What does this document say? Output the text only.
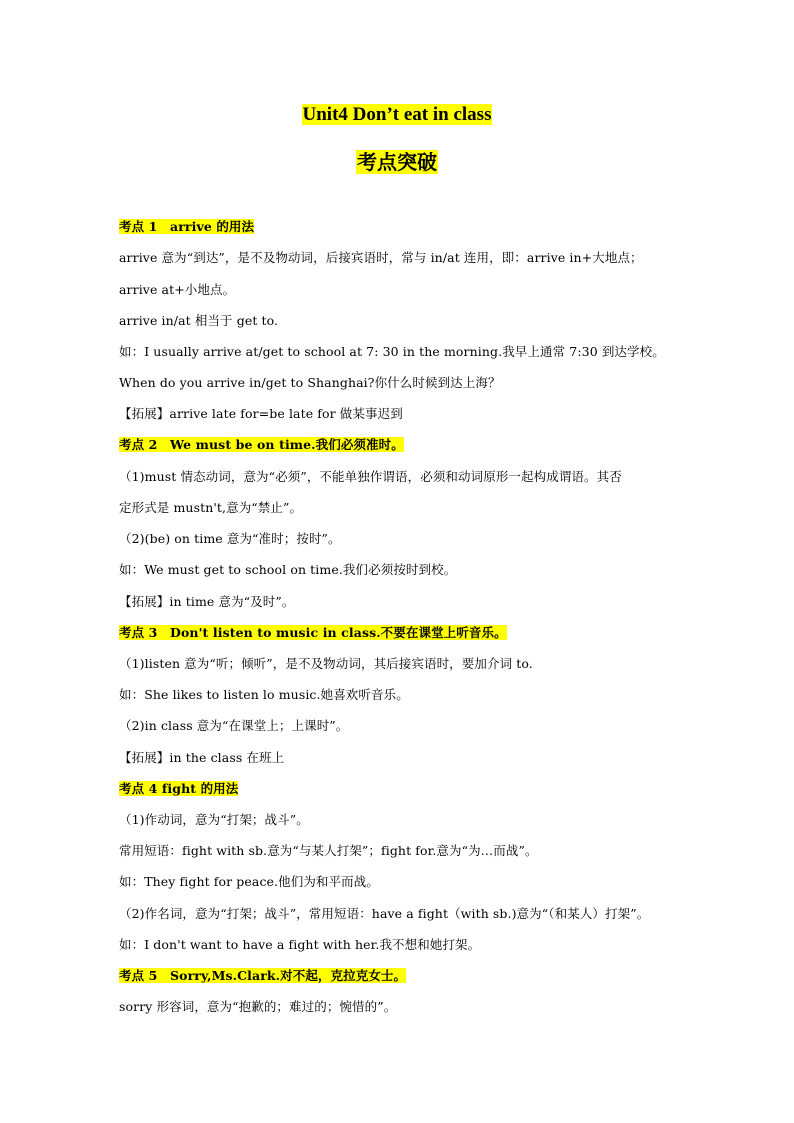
Unit4 Don’t eat in class
考点突破
考点 1　arrive 的用法
arrive 意为“到达”，是不及物动词，后接宾语时，常与 in/at 连用，即：arrive in+大地点；
arrive at+小地点。
arrive in/at 相当于 get to.
如：I usually arrive at/get to school at 7: 30 in the morning.我早上通常 7:30 到达学校。
When do you arrive in/get to Shanghai?你什么时候到达上海？
【拓展】arrive late for=be late for 做某事迟到
考点 2　We must be on time.我们必须准时。
（1)must 情态动词，意为“必须”，不能单独作谓语，必须和动词原形一起构成谓语。其否
定形式是 mustn't,意为“禁止”。
（2)(be) on time 意为“准时；按时”。
如：We must get to school on time.我们必须按时到校。
【拓展】in time 意为“及时”。
考点 3　Don't listen to music in class.不要在课堂上听音乐。
（1)listen 意为“听；倾听”，是不及物动词，其后接宾语时，要加介词 to.
如：She likes to listen lo music.她喜欢听音乐。
（2)in class 意为“在课堂上；上课时”。
【拓展】in the class 在班上
考点 4 fight 的用法
（1)作动词，意为“打架；战斗”。
常用短语：fight with sb.意为“与某人打架”；fight for.意为“为…而战”。
如：They fight for peace.他们为和平而战。
（2)作名词，意为“打架；战斗”，常用短语：have a fight（with sb.)意为“（和某人）打架”。
如：I don't want to have a fight with her.我不想和她打架。
考点 5　Sorry,Ms.Clark.对不起，克拉克女士。
sorry 形容词，意为“抱歉的；难过的；惋惜的”。
